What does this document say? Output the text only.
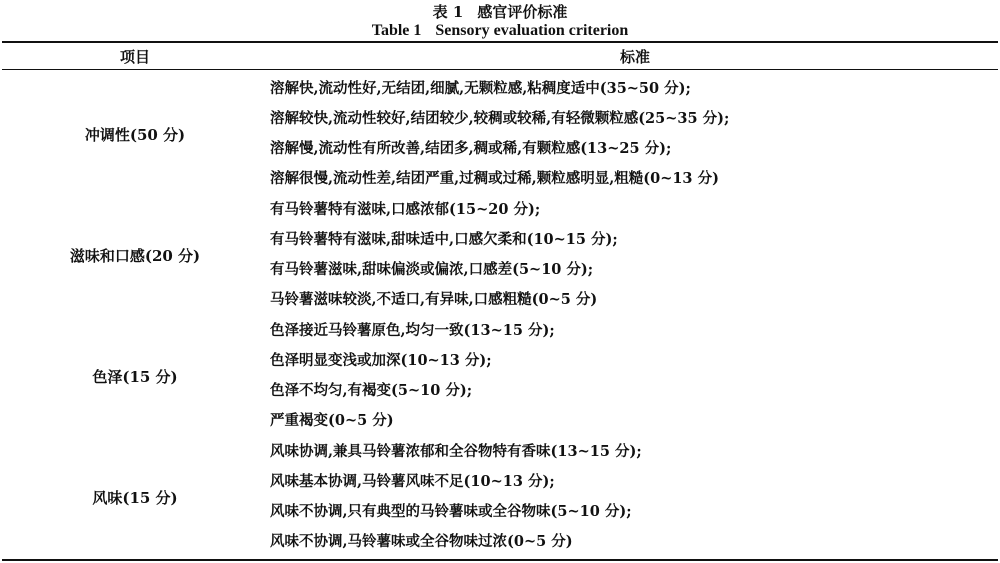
表 1 感官评价标准
Table 1 Sensory evaluation criterion
项目	标准
冲调性(50 分)
溶解快,流动性好,无结团,细腻,无颗粒感,粘稠度适中(35~50 分);
溶解较快,流动性较好,结团较少,较稠或较稀,有轻微颗粒感(25~35 分);
溶解慢,流动性有所改善,结团多,稠或稀,有颗粒感(13~25 分);
溶解很慢,流动性差,结团严重,过稠或过稀,颗粒感明显,粗糙(0~13 分)
滋味和口感(20 分)
有马铃薯特有滋味,口感浓郁(15~20 分);
有马铃薯特有滋味,甜味适中,口感欠柔和(10~15 分);
有马铃薯滋味,甜味偏淡或偏浓,口感差(5~10 分);
马铃薯滋味较淡,不适口,有异味,口感粗糙(0~5 分)
色泽(15 分)
色泽接近马铃薯原色,均匀一致(13~15 分);
色泽明显变浅或加深(10~13 分);
色泽不均匀,有褐变(5~10 分);
严重褐变(0~5 分)
风味(15 分)
风味协调,兼具马铃薯浓郁和全谷物特有香味(13~15 分);
风味基本协调,马铃薯风味不足(10~13 分);
风味不协调,只有典型的马铃薯味或全谷物味(5~10 分);
风味不协调,马铃薯味或全谷物味过浓(0~5 分)
